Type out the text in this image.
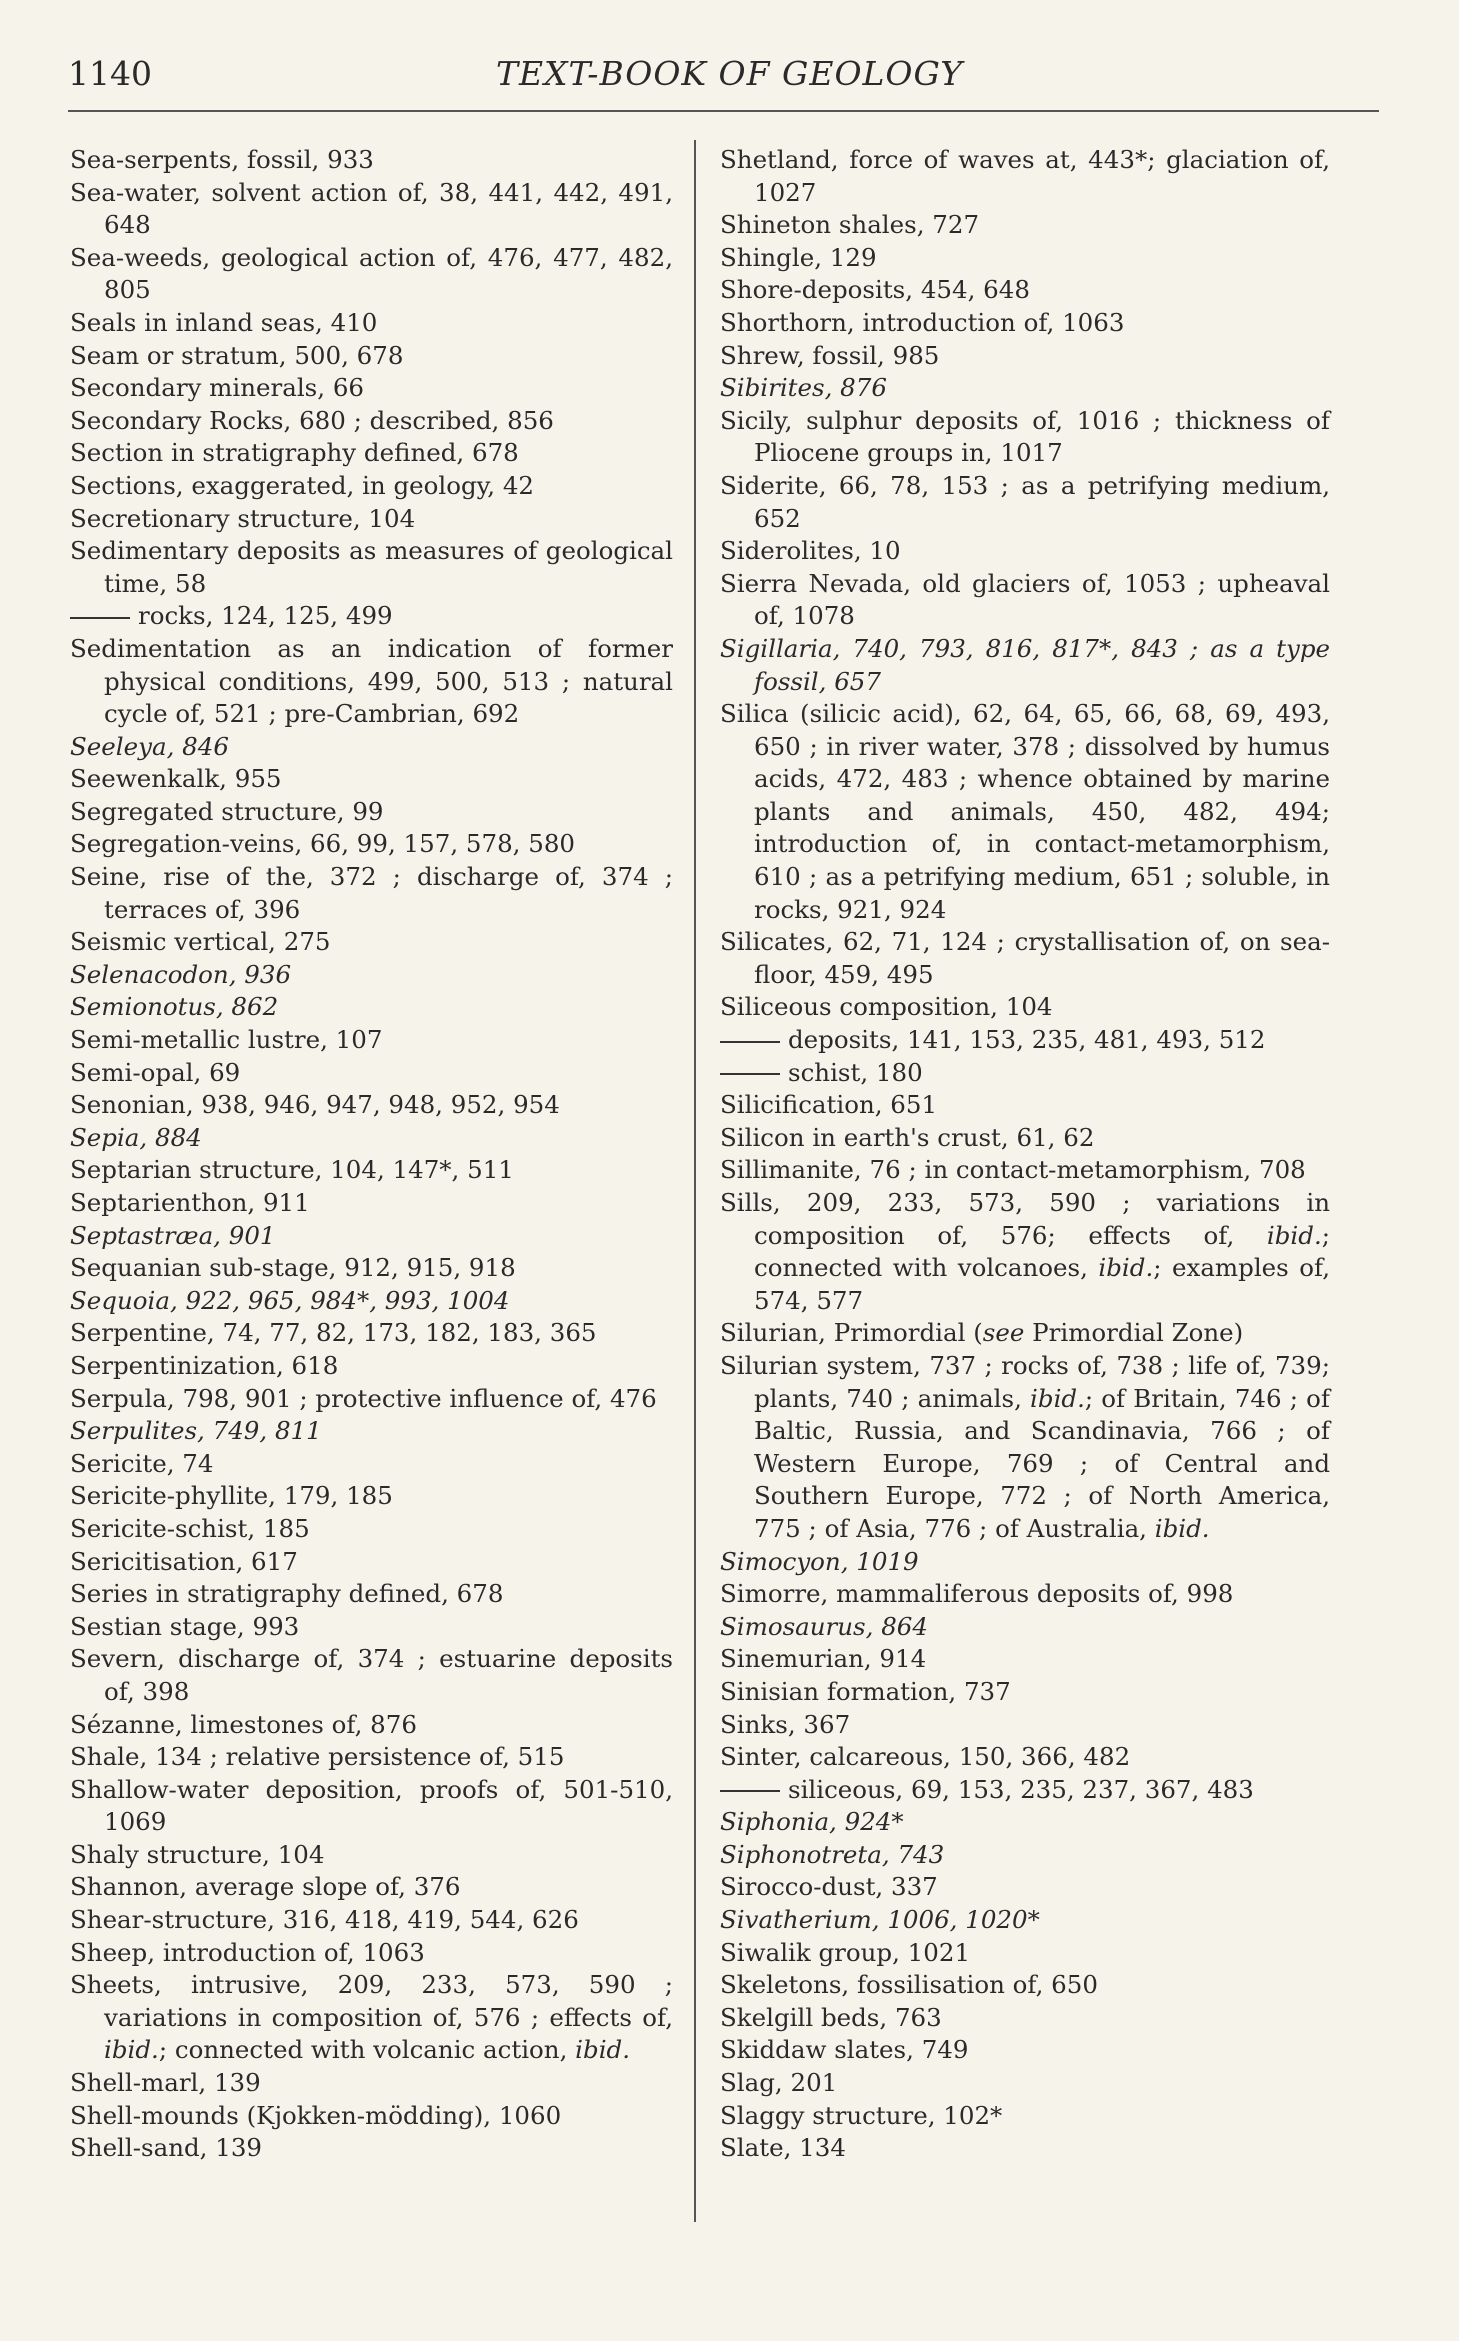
1140	TEXT-BOOK OF GEOLOGY
Sea-serpents, fossil, 933
Sea-water, solvent action of, 38, 441, 442, 491, 648
Sea-weeds, geological action of, 476, 477, 482, 805
Seals in inland seas, 410
Seam or stratum, 500, 678
Secondary minerals, 66
Secondary Rocks, 680 ; described, 856
Section in stratigraphy defined, 678
Sections, exaggerated, in geology, 42
Secretionary structure, 104
Sedimentary deposits as measures of geological time, 58
rocks, 124, 125, 499
Sedimentation as an indication of former physical conditions, 499, 500, 513 ; natural cycle of, 521 ; pre-Cambrian, 692
Seeleya, 846
Seewenkalk, 955
Segregated structure, 99
Segregation-veins, 66, 99, 157, 578, 580
Seine, rise of the, 372 ; discharge of, 374 ; terraces of, 396
Seismic vertical, 275
Selenacodon, 936
Semionotus, 862
Semi-metallic lustre, 107
Semi-opal, 69
Senonian, 938, 946, 947, 948, 952, 954
Sepia, 884
Septarian structure, 104, 147*, 511
Septarienthon, 911
Septastræa, 901
Sequanian sub-stage, 912, 915, 918
Sequoia, 922, 965, 984*, 993, 1004
Serpentine, 74, 77, 82, 173, 182, 183, 365
Serpentinization, 618
Serpula, 798, 901 ; protective influence of, 476
Serpulites, 749, 811
Sericite, 74
Sericite-phyllite, 179, 185
Sericite-schist, 185
Sericitisation, 617
Series in stratigraphy defined, 678
Sestian stage, 993
Severn, discharge of, 374 ; estuarine deposits of, 398
Sézanne, limestones of, 876
Shale, 134 ; relative persistence of, 515
Shallow-water deposition, proofs of, 501-510, 1069
Shaly structure, 104
Shannon, average slope of, 376
Shear-structure, 316, 418, 419, 544, 626
Sheep, introduction of, 1063
Sheets, intrusive, 209, 233, 573, 590 ; variations in composition of, 576 ; effects of, ibid.; connected with volcanic action, ibid.
Shell-marl, 139
Shell-mounds (Kjokken-mödding), 1060
Shell-sand, 139
Shetland, force of waves at, 443*; glaciation of, 1027
Shineton shales, 727
Shingle, 129
Shore-deposits, 454, 648
Shorthorn, introduction of, 1063
Shrew, fossil, 985
Sibirites, 876
Sicily, sulphur deposits of, 1016 ; thickness of Pliocene groups in, 1017
Siderite, 66, 78, 153 ; as a petrifying medium, 652
Siderolites, 10
Sierra Nevada, old glaciers of, 1053 ; upheaval of, 1078
Sigillaria, 740, 793, 816, 817*, 843 ; as a type fossil, 657
Silica (silicic acid), 62, 64, 65, 66, 68, 69, 493, 650 ; in river water, 378 ; dissolved by humus acids, 472, 483 ; whence obtained by marine plants and animals, 450, 482, 494; introduction of, in contact-metamorphism, 610 ; as a petrifying medium, 651 ; soluble, in rocks, 921, 924
Silicates, 62, 71, 124 ; crystallisation of, on sea-floor, 459, 495
Siliceous composition, 104
deposits, 141, 153, 235, 481, 493, 512
schist, 180
Silicification, 651
Silicon in earth's crust, 61, 62
Sillimanite, 76 ; in contact-metamorphism, 708
Sills, 209, 233, 573, 590 ; variations in composition of, 576; effects of, ibid.; connected with volcanoes, ibid.; examples of, 574, 577
Silurian, Primordial (see Primordial Zone)
Silurian system, 737 ; rocks of, 738 ; life of, 739; plants, 740 ; animals, ibid.; of Britain, 746 ; of Baltic, Russia, and Scandinavia, 766 ; of Western Europe, 769 ; of Central and Southern Europe, 772 ; of North America, 775 ; of Asia, 776 ; of Australia, ibid.
Simocyon, 1019
Simorre, mammaliferous deposits of, 998
Simosaurus, 864
Sinemurian, 914
Sinisian formation, 737
Sinks, 367
Sinter, calcareous, 150, 366, 482
siliceous, 69, 153, 235, 237, 367, 483
Siphonia, 924*
Siphonotreta, 743
Sirocco-dust, 337
Sivatherium, 1006, 1020*
Siwalik group, 1021
Skeletons, fossilisation of, 650
Skelgill beds, 763
Skiddaw slates, 749
Slag, 201
Slaggy structure, 102*
Slate, 134
